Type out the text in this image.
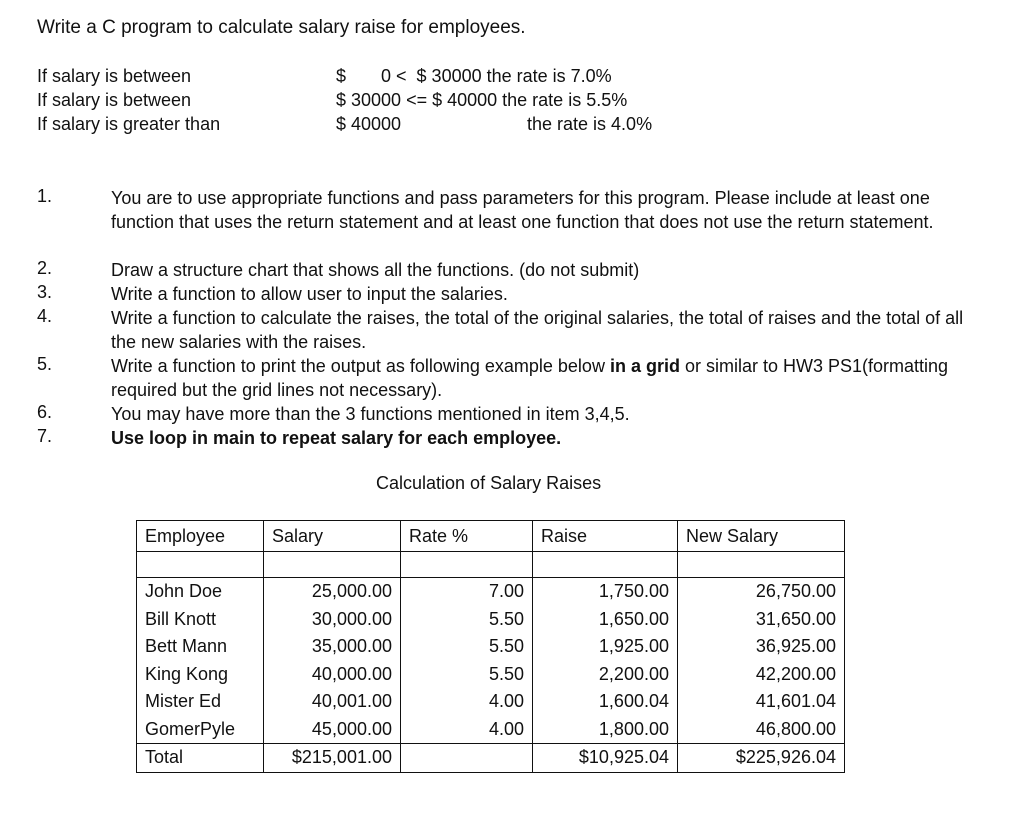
Write a C program to calculate salary raise for employees.
If salary is between	$       0 <  $ 30000 the rate is 7.0%
If salary is between	$ 30000 <= $ 40000 the rate is 5.5%
If salary is greater than	$ 40000	the rate is 4.0%
1.	You are to use appropriate functions and pass parameters for this program. Please include at least one function that uses the return statement and at least one function that does not use the return statement.
2.	Draw a structure chart that shows all the functions. (do not submit)
3.	Write a function to allow user to input the salaries.
4.	Write a function to calculate the raises, the total of the original salaries, the total of raises and the total of all the new salaries with the raises.
5.	Write a function to print the output as following example below in a grid or similar to HW3 PS1(formatting required but the grid lines not necessary).
6.	You may have more than the 3 functions mentioned in item 3,4,5.
7.	Use loop in main to repeat salary for each employee.
Calculation of Salary Raises
Employee	Salary	Rate %	Raise	New Salary

John Doe	25,000.00	7.00	1,750.00	26,750.00
Bill Knott	30,000.00	5.50	1,650.00	31,650.00
Bett Mann	35,000.00	5.50	1,925.00	36,925.00
King Kong	40,000.00	5.50	2,200.00	42,200.00
Mister Ed	40,001.00	4.00	1,600.04	41,601.04
GomerPyle	45,000.00	4.00	1,800.00	46,800.00
Total	$215,001.00		$10,925.04	$225,926.04
